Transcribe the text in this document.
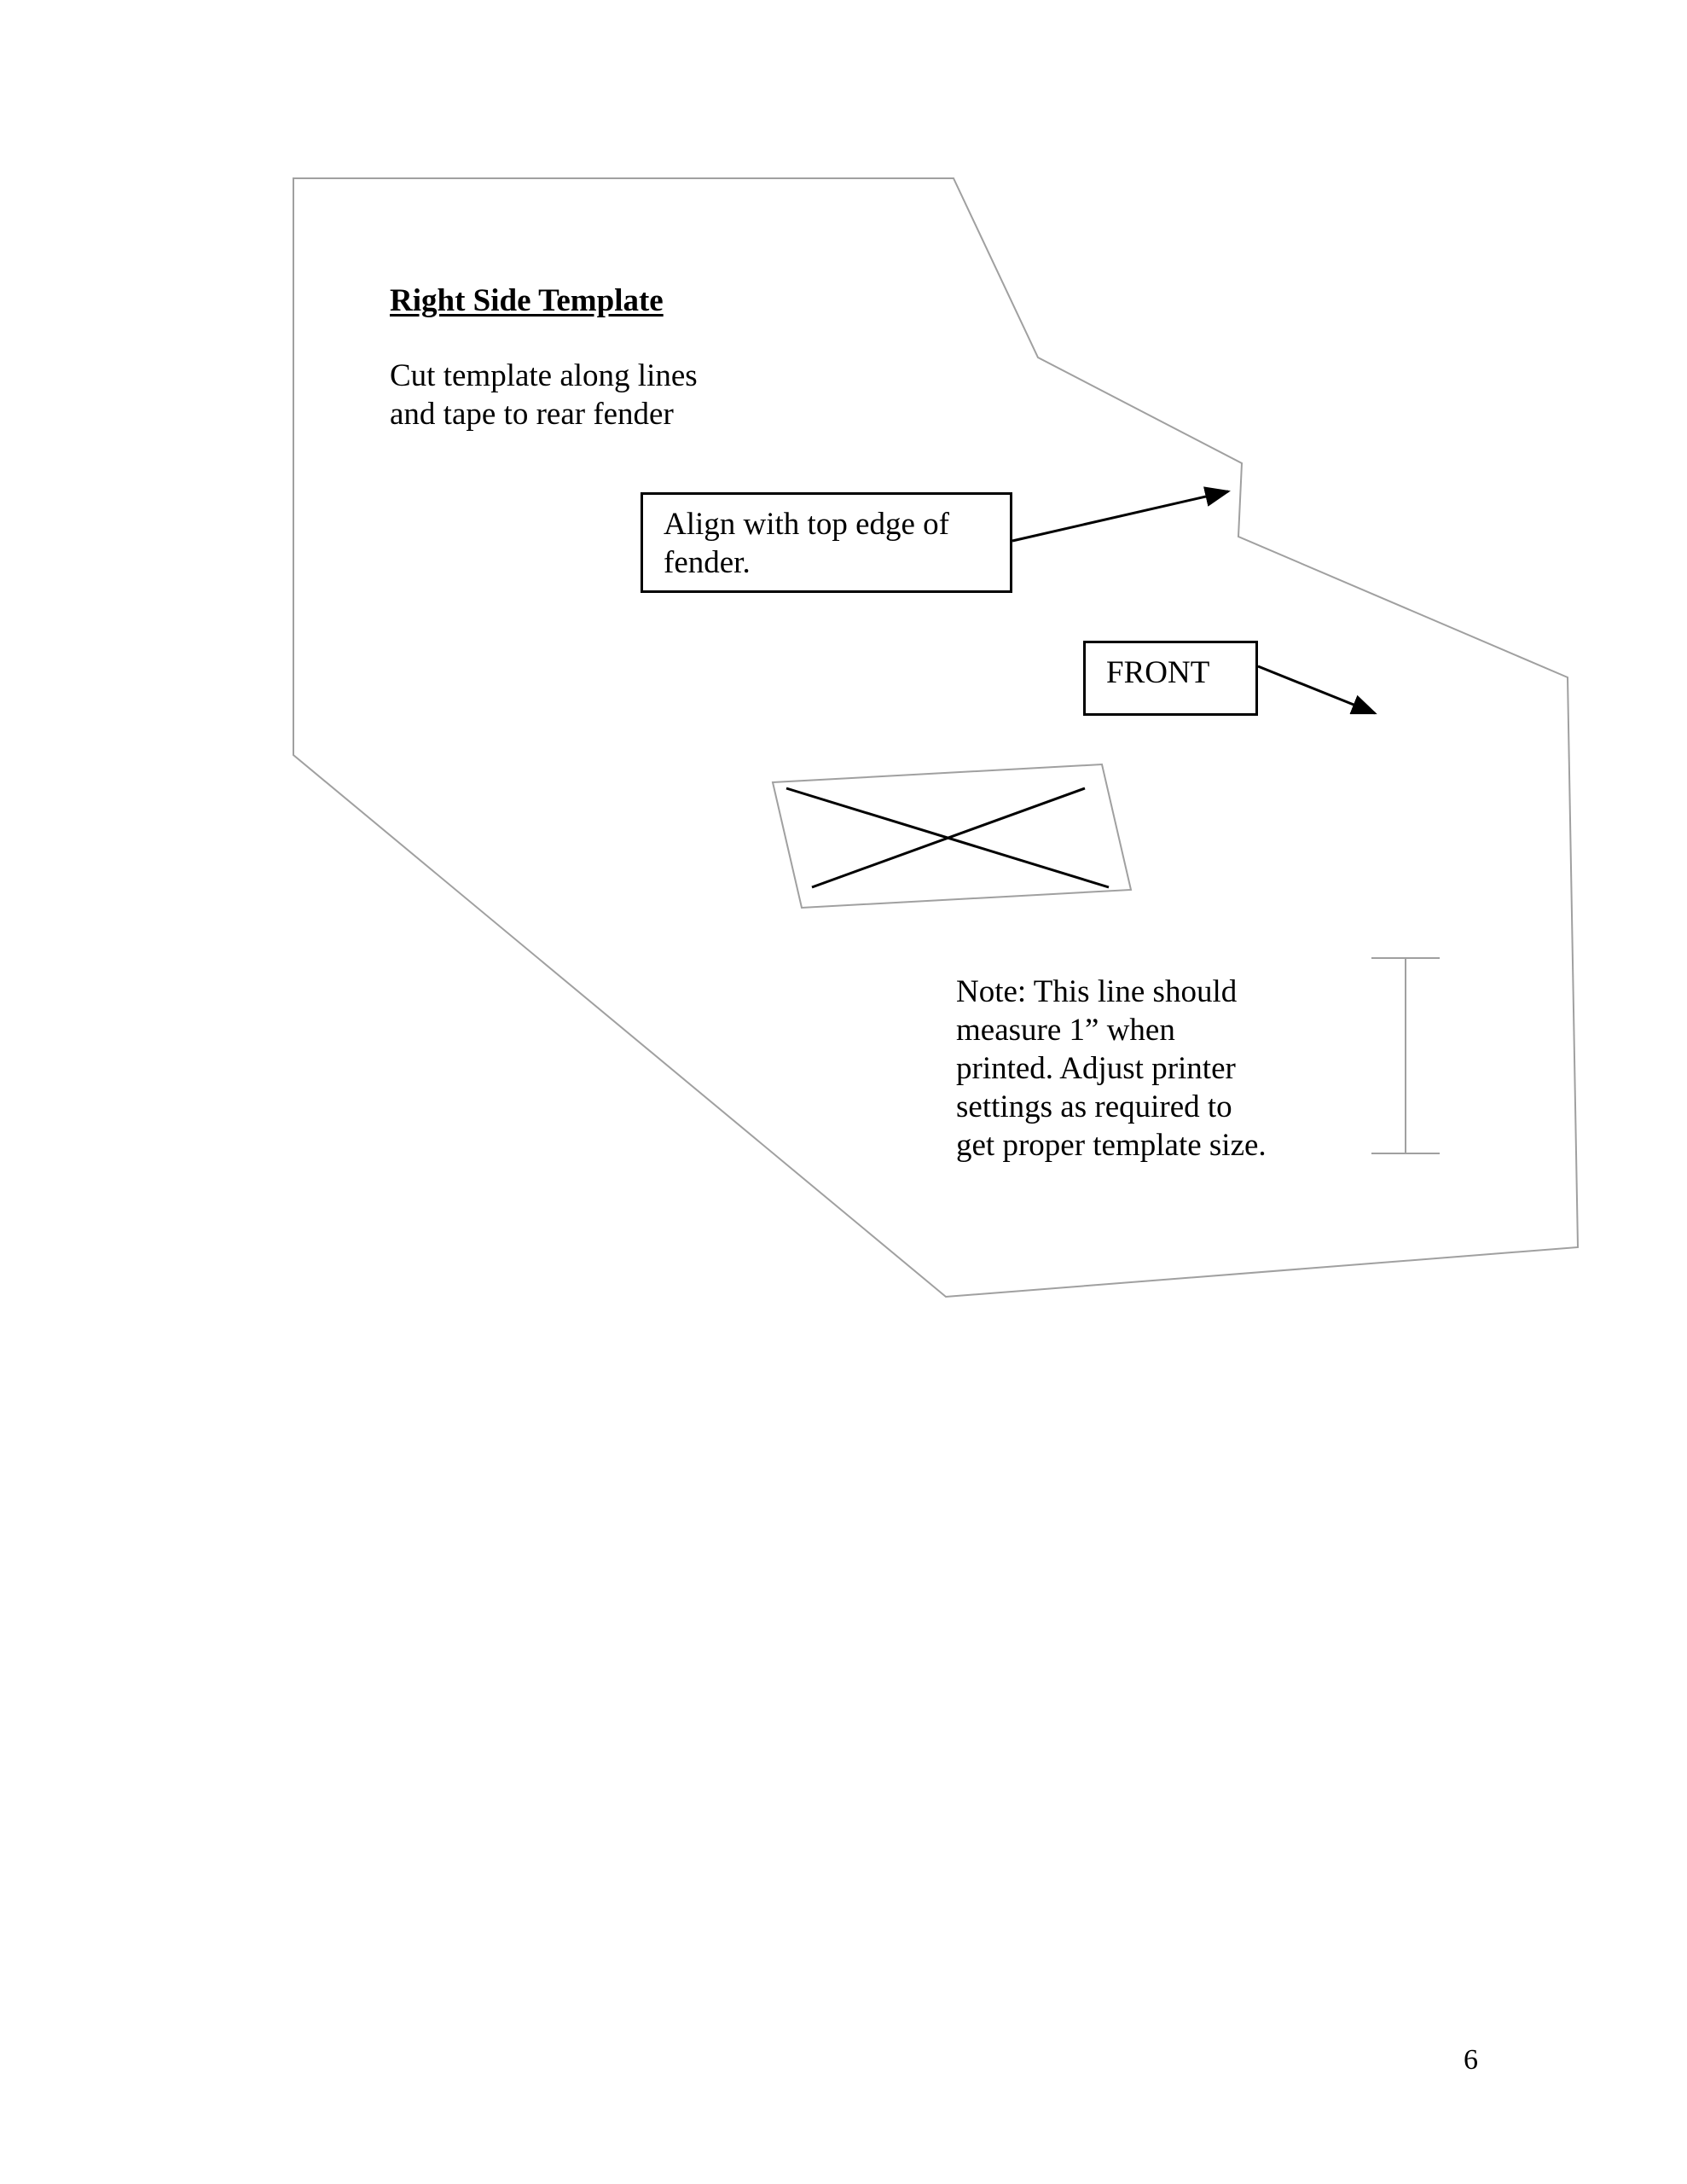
Right Side Template

Cut template along lines
and tape to rear fender

Align with top edge of
fender.
FRONT

Note: This line should
measure 1” when
printed. Adjust printer
settings as required to
get proper template size.

6
